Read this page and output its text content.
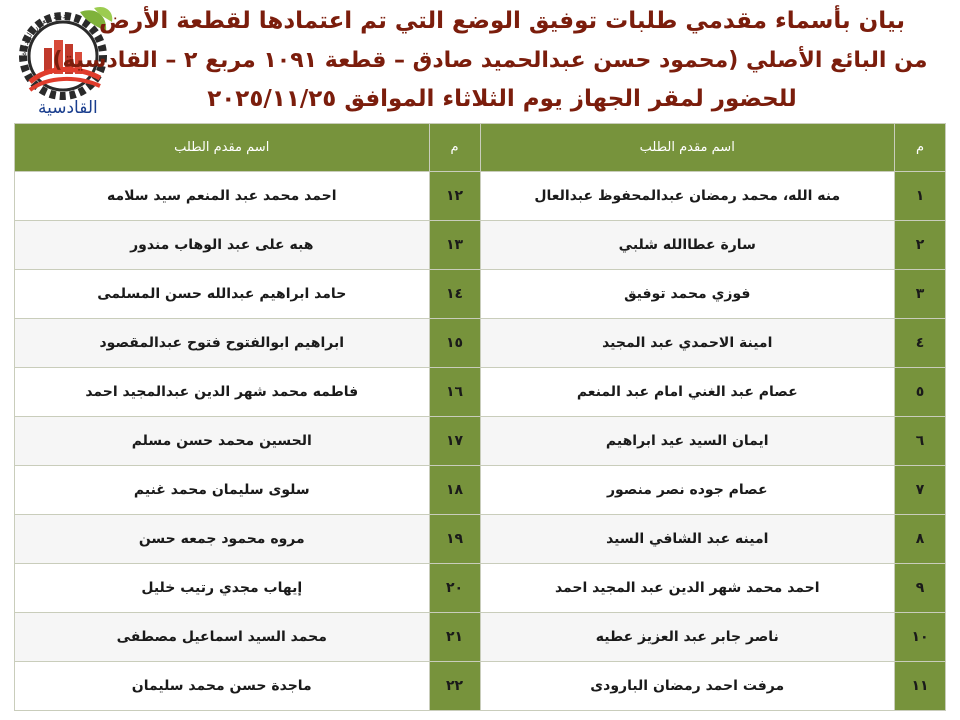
مدينة العبور الجديدة
القادسية
بيان بأسماء مقدمي طلبات توفيق الوضع التي تم اعتمادها لقطعة الأرض
من البائع الأصلي (محمود حسن عبدالحميد صادق – قطعة ١٠٩١ مربع ٢ – القادسية)
للحضور لمقر الجهاز يوم الثلاثاء الموافق ٢٠٢٥/١١/٢٥
م	اسم مقدم الطلب	م	اسم مقدم الطلب
١	منه الله، محمد رمضان عبدالمحفوظ عبدالعال	١٢	احمد محمد عبد المنعم سيد سلامه
٢	سارة عطاالله شلبي	١٣	هبه على عبد الوهاب مندور
٣	فوزي محمد توفيق	١٤	حامد ابراهيم عبدالله حسن المسلمى
٤	امينة الاحمدي عبد المجيد	١٥	ابراهيم ابوالفتوح فتوح عبدالمقصود
٥	عصام عبد الغني امام عبد المنعم	١٦	فاطمه محمد شهر الدين عبدالمجيد احمد
٦	ايمان السيد عيد ابراهيم	١٧	الحسين محمد حسن مسلم
٧	عصام جوده نصر منصور	١٨	سلوى سليمان محمد غنيم
٨	امينه عبد الشافي السيد	١٩	مروه محمود جمعه حسن
٩	احمد محمد شهر الدين عبد المجيد احمد	٢٠	إيهاب مجدي رتيب خليل
١٠	ناصر جابر عبد العزيز عطيه	٢١	محمد السيد اسماعيل مصطفى
١١	مرفت احمد رمضان البارودى	٢٢	ماجدة حسن محمد سليمان
